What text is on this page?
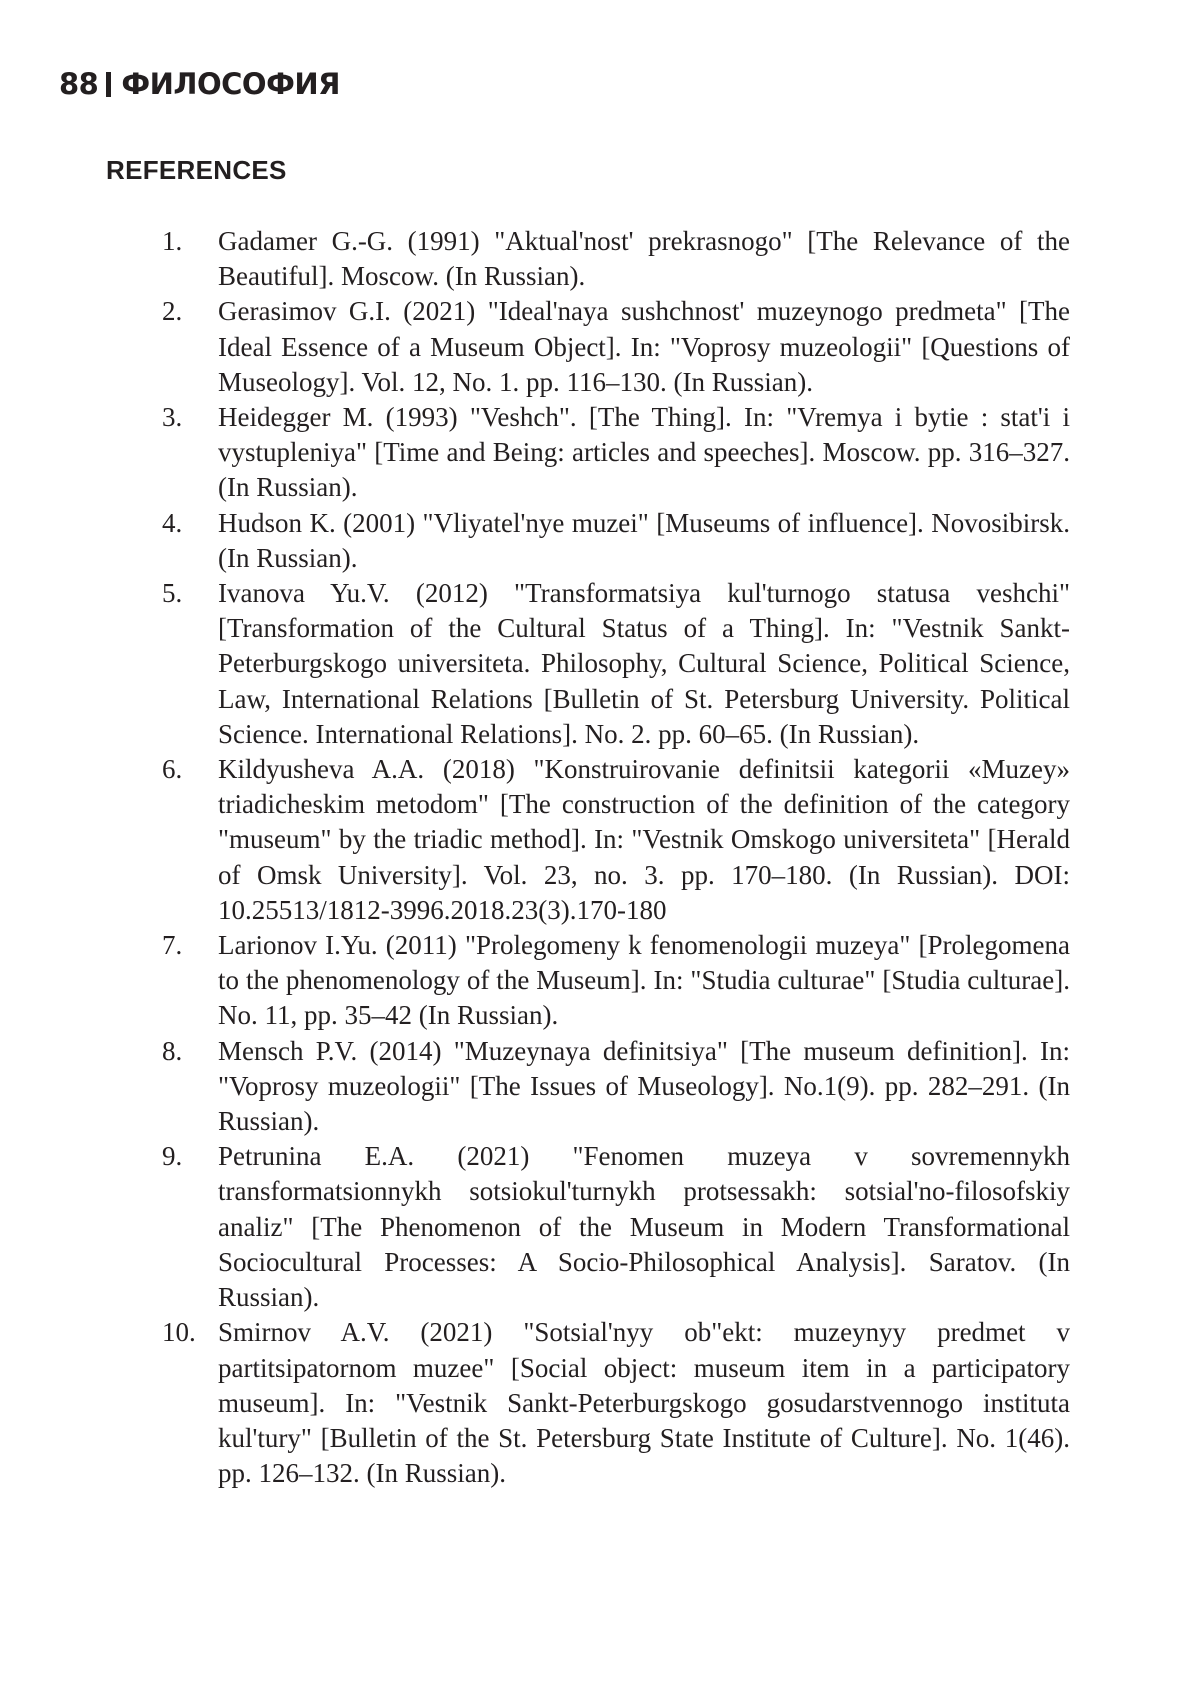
88 ФИЛОСОФИЯ
REFERENCES
1.	Gadamer G.-G. (1991) "Aktual'nost' prekrasnogo" [The Relevance of the Beautiful]. Moscow. (In Russian).
2.	Gerasimov G.I. (2021) "Ideal'naya sushchnost' muzeynogo predmeta" [The Ideal Essence of a Museum Object]. In: "Voprosy muzeologii" [Questions of Museology]. Vol. 12, No. 1. pp. 116–130. (In Russian).
3.	Heidegger M. (1993) "Veshch". [The Thing]. In: "Vremya i bytie : stat'i i vystupleniya" [Time and Being: articles and speeches]. Moscow. pp. 316–327. (In Russian).
4.	Hudson K. (2001) "Vliyatel'nye muzei" [Museums of influence]. Novosibirsk. (In Russian).
5.	Ivanova Yu.V. (2012) "Transformatsiya kul'turnogo statusa veshchi" [Transformation of the Cultural Status of a Thing]. In: "Vestnik Sankt-Peterburgskogo universiteta. Philosophy, Cultural Science, Political Science, Law, International Relations [Bulletin of St. Petersburg University. Political Science. International Relations]. No. 2. pp. 60–65. (In Russian).
6.	Kildyusheva A.A. (2018) "Konstruirovanie definitsii kategorii «Muzey» triadicheskim metodom" [The construction of the definition of the category "museum" by the triadic method]. In: "Vestnik Omskogo universiteta" [Herald of Omsk University]. Vol. 23, no. 3. pp. 170–180. (In Russian). DOI: 10.25513/1812-3996.2018.23(3).170-180
7.	Larionov I.Yu. (2011) "Prolegomeny k fenomenologii muzeya" [Prolegomena to the phenomenology of the Museum]. In: "Studia culturae" [Studia culturae]. No. 11, pp. 35–42 (In Russian).
8.	Mensch P.V. (2014) "Muzeynaya definitsiya" [The museum definition]. In: "Voprosy muzeologii" [The Issues of Museology]. No.1(9). pp. 282–291. (In Russian).
9.	Petrunina E.A. (2021) "Fenomen muzeya v sovremennykh transformatsionnykh sotsiokul'turnykh protsessakh: sotsial'no-filosofskiy analiz" [The Phenomenon of the Museum in Modern Transformational Sociocultural Processes: A Socio-Philosophical Analysis]. Saratov. (In Russian).
10. Smirnov A.V. (2021) "Sotsial'nyy ob"ekt: muzeynyy predmet v partitsipatornom muzee" [Social object: museum item in a participatory museum]. In: "Vestnik Sankt-Peterburgskogo gosudarstvennogo instituta kul'tury" [Bulletin of the St. Petersburg State Institute of Culture]. No. 1(46). pp. 126–132. (In Russian).
